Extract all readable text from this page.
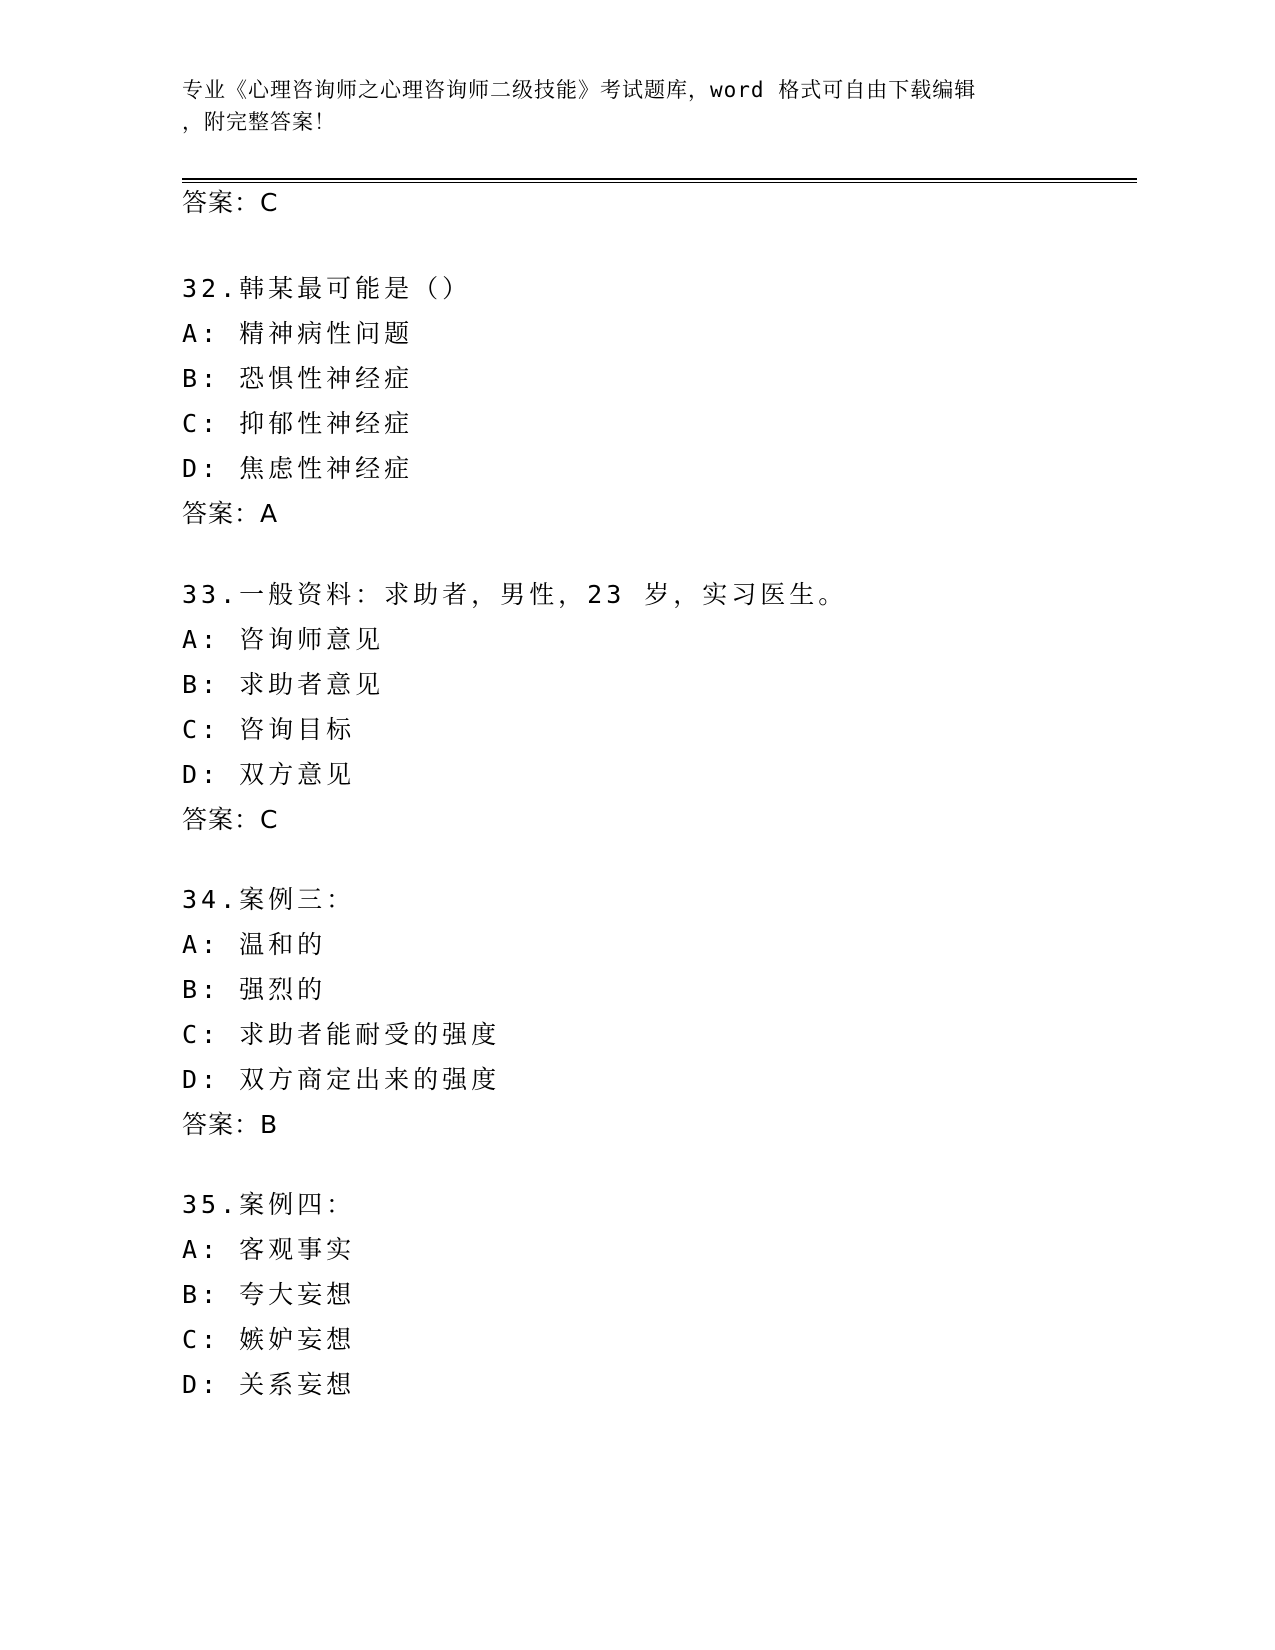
专业《心理咨询师之心理咨询师二级技能》考试题库，word 格式可自由下载编辑
，附完整答案！
答案：C
32.韩某最可能是（）
A: 精神病性问题
B: 恐惧性神经症
C: 抑郁性神经症
D: 焦虑性神经症
答案：A
33.一般资料：求助者，男性，23 岁，实习医生。
A: 咨询师意见
B: 求助者意见
C: 咨询目标
D: 双方意见
答案：C
34.案例三：
A: 温和的
B: 强烈的
C: 求助者能耐受的强度
D: 双方商定出来的强度
答案：B
35.案例四：
A: 客观事实
B: 夸大妄想
C: 嫉妒妄想
D: 关系妄想
